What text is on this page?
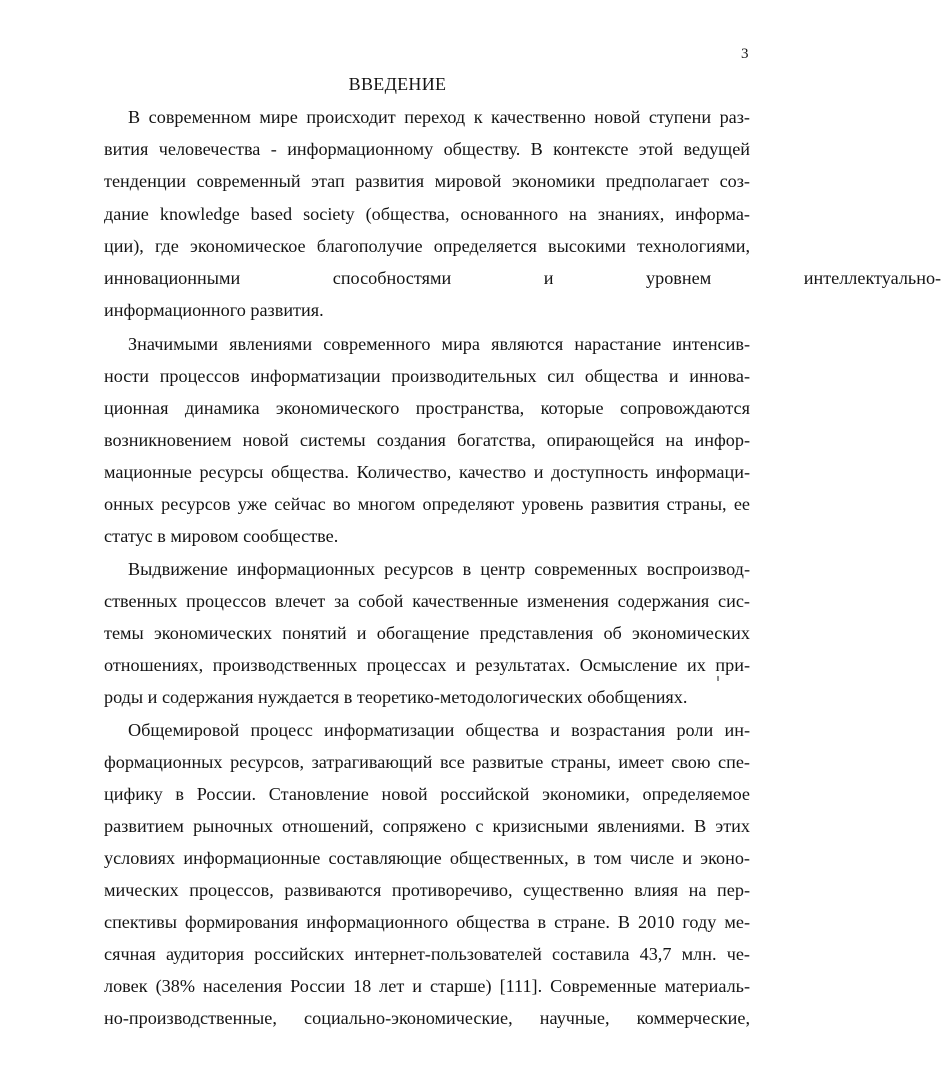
3
ВВЕДЕНИЕ
В современном мире происходит переход к качественно новой ступени раз-
вития человечества - информационному обществу. В контексте этой ведущей
тенденции современный этап развития мировой экономики предполагает соз-
дание knowledge based society (общества, основанного на знаниях, информа-
ции), где экономическое благополучие определяется высокими технологиями,
инновационными способностями и уровнем интеллектуально-
информационного развития.
Значимыми явлениями современного мира являются нарастание интенсив-
ности процессов информатизации производительных сил общества и иннова-
ционная динамика экономического пространства, которые сопровождаются
возникновением новой системы создания богатства, опирающейся на инфор-
мационные ресурсы общества. Количество, качество и доступность информаци-
онных ресурсов уже сейчас во многом определяют уровень развития страны, ее
статус в мировом сообществе.
Выдвижение информационных ресурсов в центр современных воспроизвод-
ственных процессов влечет за собой качественные изменения содержания сис-
темы экономических понятий и обогащение представления об экономических
отношениях, производственных процессах и результатах. Осмысление их при-
роды и содержания нуждается в теоретико-методологических обобщениях.
Общемировой процесс информатизации общества и возрастания роли ин-
формационных ресурсов, затрагивающий все развитые страны, имеет свою спе-
цифику в России. Становление новой российской экономики, определяемое
развитием рыночных отношений, сопряжено с кризисными явлениями. В этих
условиях информационные составляющие общественных, в том числе и эконо-
мических процессов, развиваются противоречиво, существенно влияя на пер-
спективы формирования информационного общества в стране. В 2010 году ме-
сячная аудитория российских интернет-пользователей составила 43,7 млн. че-
ловек (38% населения России 18 лет и старше) [111]. Современные материаль-
но-производственные, социально-экономические, научные, коммерческие,
